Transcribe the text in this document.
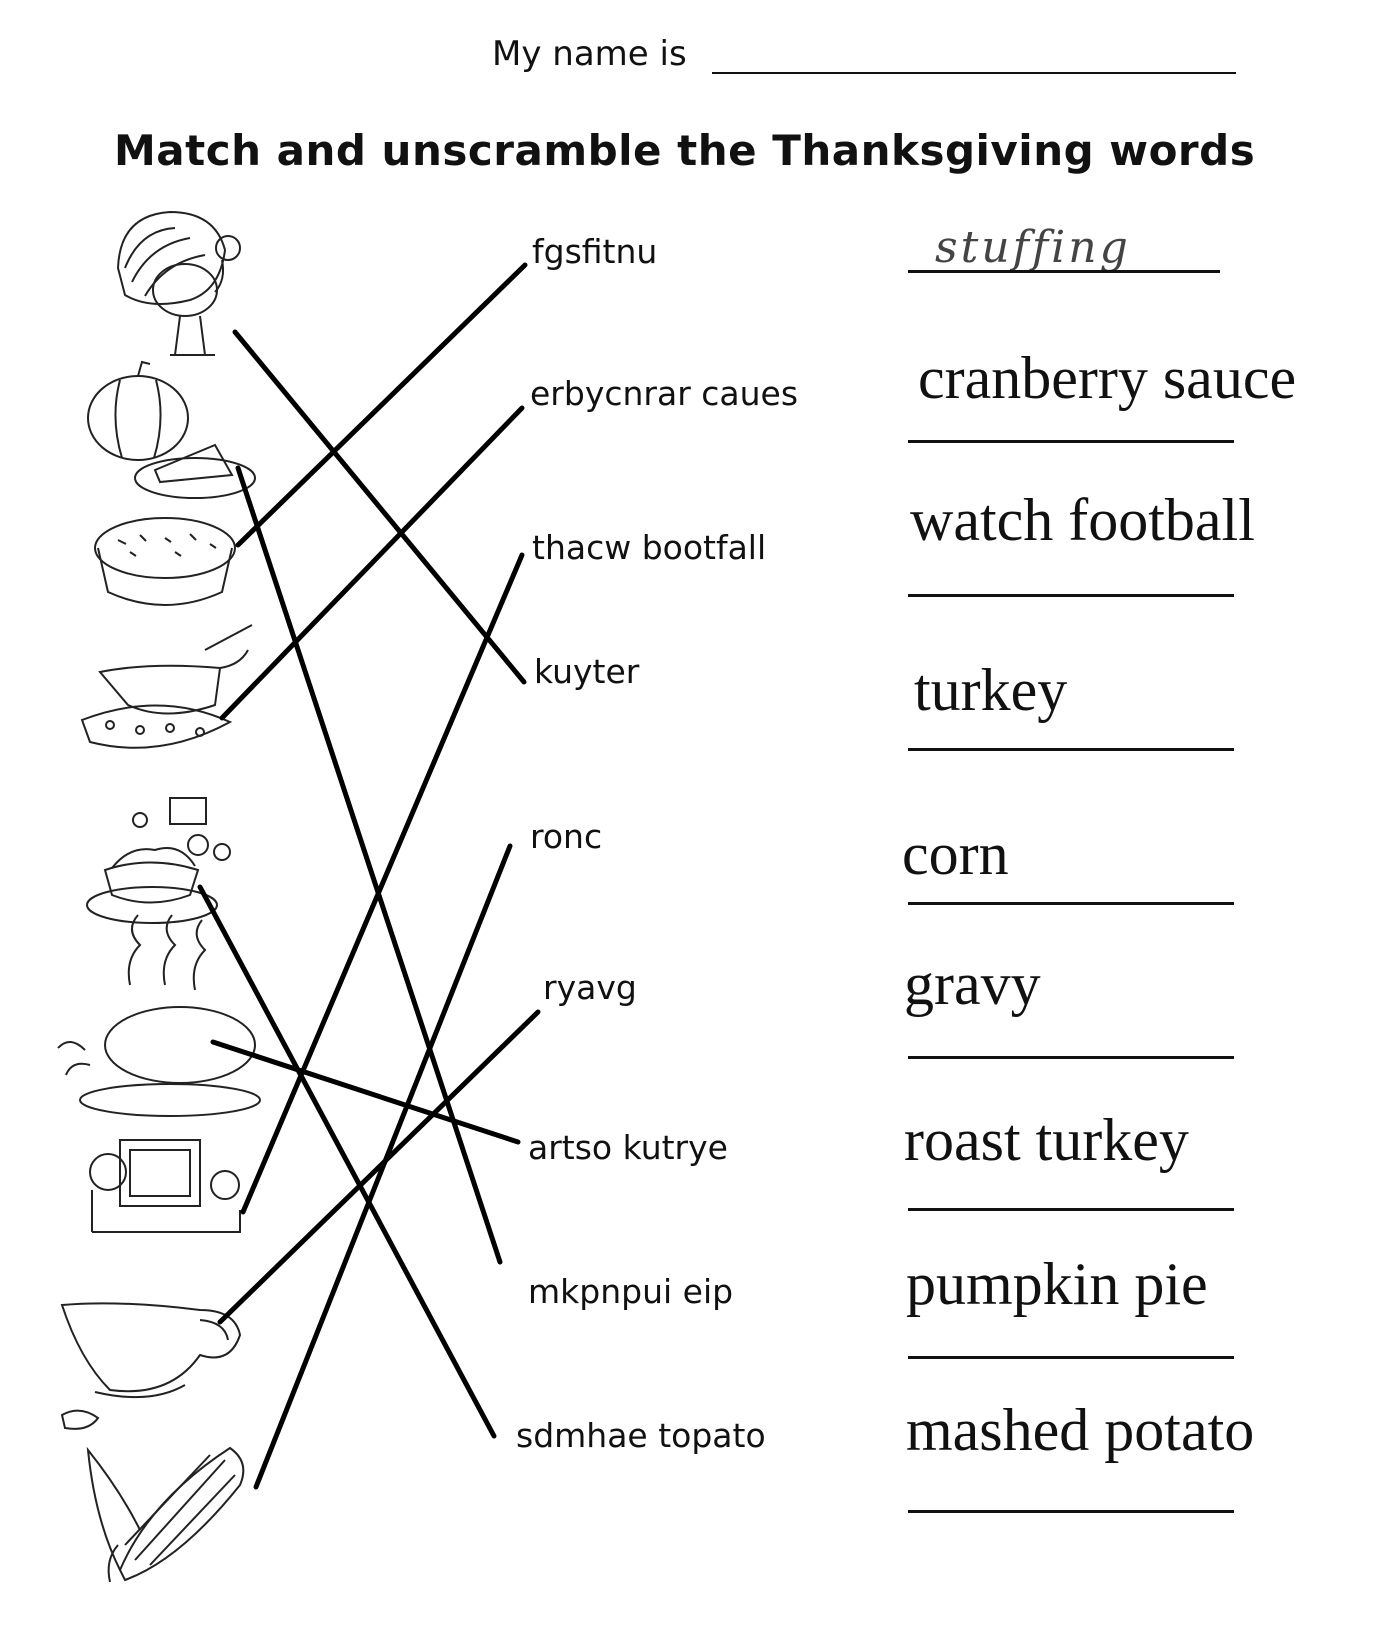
My name is
Match and unscramble the Thanksgiving words
fgsfitnu
erbycnrar caues
thacw bootfall
kuyter
ronc
ryavg
artso kutrye
mkpnpui eip
sdmhae topato
stuffing
cranberry sauce
watch football
turkey
corn
gravy
roast turkey
pumpkin pie
mashed potato
